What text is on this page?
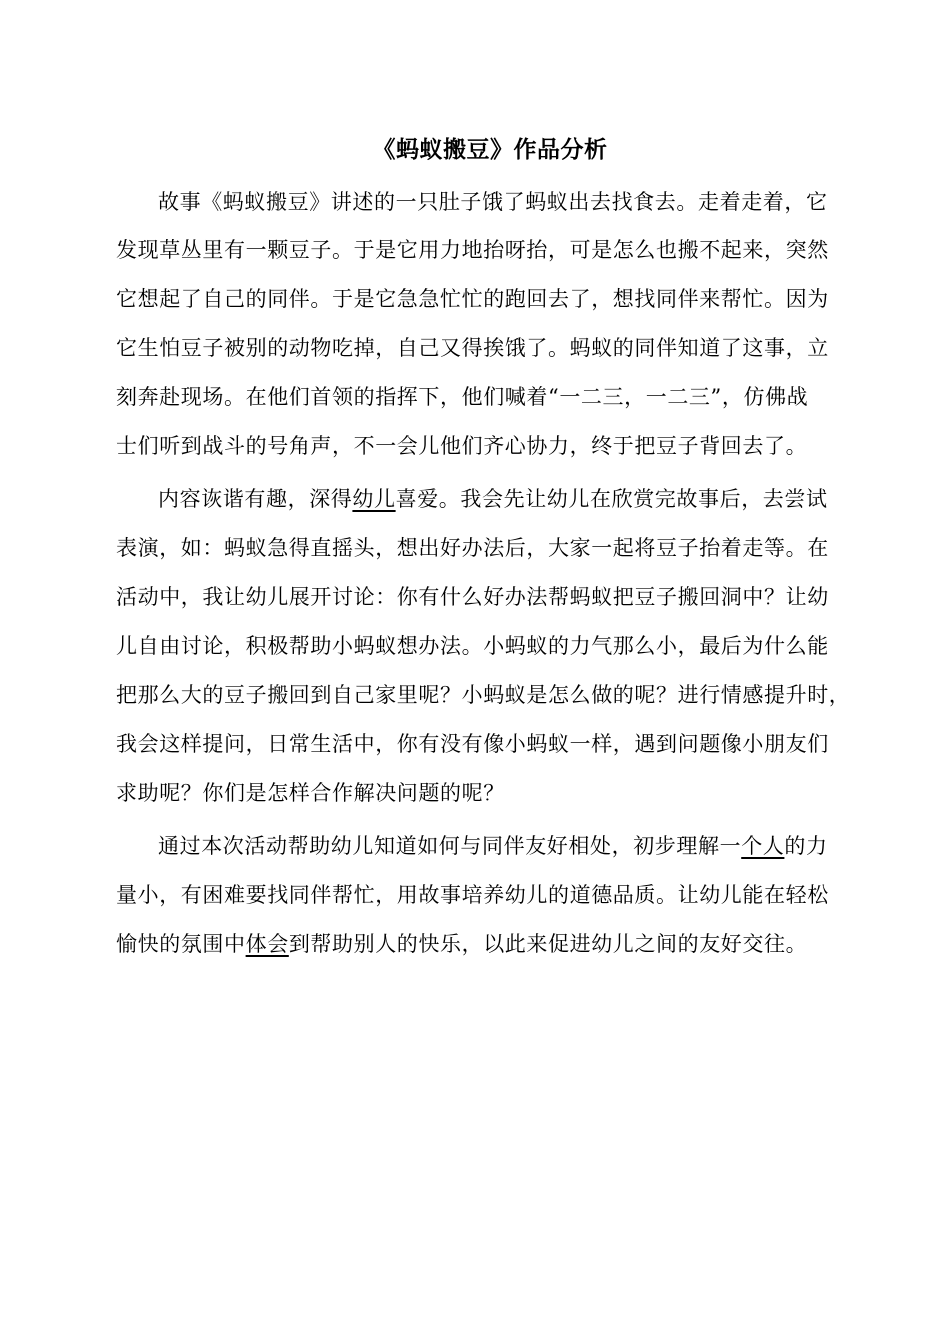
《蚂蚁搬豆》作品分析
故事《蚂蚁搬豆》讲述的一只肚子饿了蚂蚁出去找食去。走着走着，它
发现草丛里有一颗豆子。于是它用力地抬呀抬，可是怎么也搬不起来，突然
它想起了自己的同伴。于是它急急忙忙的跑回去了，想找同伴来帮忙。因为
它生怕豆子被别的动物吃掉，自己又得挨饿了。蚂蚁的同伴知道了这事，立
刻奔赴现场。在他们首领的指挥下，他们喊着“一二三，一二三”，仿佛战
士们听到战斗的号角声，不一会儿他们齐心协力，终于把豆子背回去了。
内容诙谐有趣，深得幼儿喜爱。我会先让幼儿在欣赏完故事后，去尝试
表演，如：蚂蚁急得直摇头，想出好办法后，大家一起将豆子抬着走等。在
活动中，我让幼儿展开讨论：你有什么好办法帮蚂蚁把豆子搬回洞中？让幼
儿自由讨论，积极帮助小蚂蚁想办法。小蚂蚁的力气那么小，最后为什么能
把那么大的豆子搬回到自己家里呢？小蚂蚁是怎么做的呢？进行情感提升时，
我会这样提问，日常生活中，你有没有像小蚂蚁一样，遇到问题像小朋友们
求助呢？你们是怎样合作解决问题的呢？
通过本次活动帮助幼儿知道如何与同伴友好相处，初步理解一个人的力
量小，有困难要找同伴帮忙，用故事培养幼儿的道德品质。让幼儿能在轻松
愉快的氛围中体会到帮助别人的快乐，以此来促进幼儿之间的友好交往。
